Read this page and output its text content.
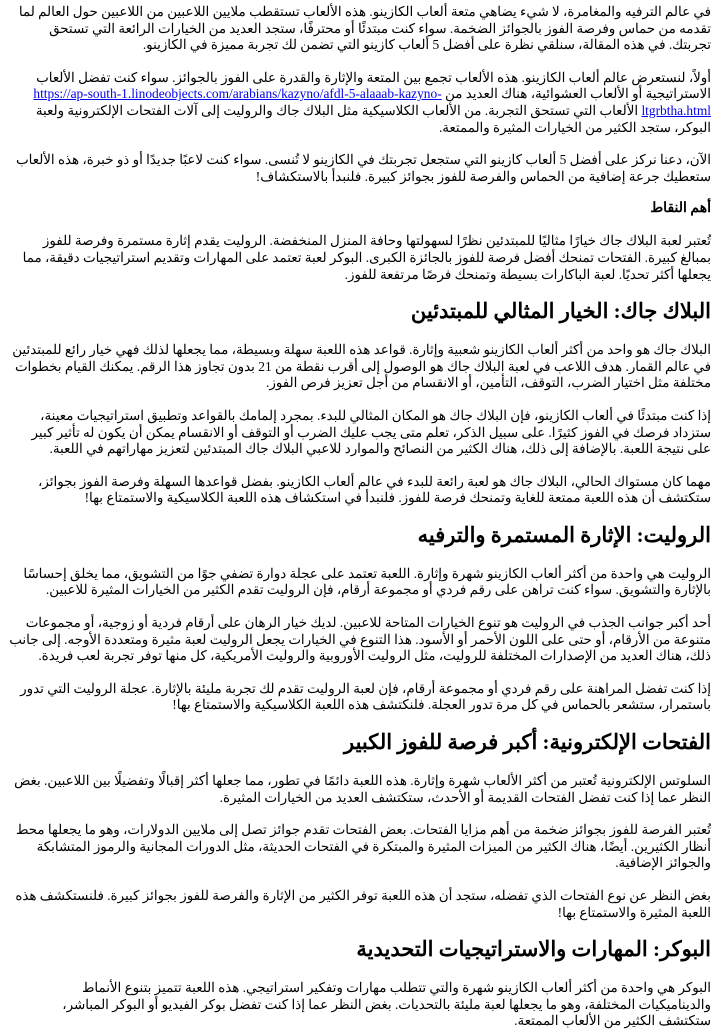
في عالم الترفيه والمغامرة، لا شيء يضاهي متعة ألعاب الكازينو. هذه الألعاب تستقطب ملايين اللاعبين من اللاعبين حول العالم لما تقدمه من حماس وفرصة الفوز بالجوائز الضخمة. سواء كنت مبتدئًا أو محترفًا، ستجد العديد من الخيارات الرائعة التي تستحق تجربتك. في هذه المقالة، سنلقي نظرة على أفضل 5 ألعاب كازينو التي تضمن لك تجربة مميزة في الكازينو.

أولاً، لنستعرض عالم ألعاب الكازينو. هذه الألعاب تجمع بين المتعة والإثارة والقدرة على الفوز بالجوائز. سواء كنت تفضل الألعاب الاستراتيجية أو الألعاب العشوائية، هناك العديد من https://ap-south-1.linodeobjects.com/arabians/kazyno/afdl-5-alaaab-kazyno-ltgrbtha.html الألعاب التي تستحق التجربة. من الألعاب الكلاسيكية مثل البلاك جاك والروليت إلى آلات الفتحات الإلكترونية ولعبة البوكر، ستجد الكثير من الخيارات المثيرة والممتعة.

الآن، دعنا نركز على أفضل 5 ألعاب كازينو التي ستجعل تجربتك في الكازينو لا تُنسى. سواء كنت لاعبًا جديدًا أو ذو خبرة، هذه الألعاب ستعطيك جرعة إضافية من الحماس والفرصة للفوز بجوائز كبيرة. فلنبدأ بالاستكشاف!

أهم النقاط

تُعتبر لعبة البلاك جاك خيارًا مثاليًا للمبتدئين نظرًا لسهولتها وحافة المنزل المنخفضة. الروليت يقدم إثارة مستمرة وفرصة للفوز بمبالغ كبيرة. الفتحات تمنحك أفضل فرصة للفوز بالجائزة الكبرى. البوكر لعبة تعتمد على المهارات وتقديم استراتيجيات دقيقة، مما يجعلها أكثر تحديًا. لعبة الباكارات بسيطة وتمنحك فرصًا مرتفعة للفوز.

البلاك جاك: الخيار المثالي للمبتدئين

البلاك جاك هو واحد من أكثر ألعاب الكازينو شعبية وإثارة. قواعد هذه اللعبة سهلة وبسيطة، مما يجعلها لذلك فهي خيار رائع للمبتدئين في عالم القمار. هدف اللاعب في لعبة البلاك جاك هو الوصول إلى أقرب نقطة من 21 بدون تجاوز هذا الرقم. يمكنك القيام بخطوات مختلفة مثل اختيار الضرب، التوقف، التأمين، أو الانقسام من أجل تعزيز فرص الفوز.

إذا كنت مبتدئًا في ألعاب الكازينو، فإن البلاك جاك هو المكان المثالي للبدء. بمجرد إلمامك بالقواعد وتطبيق استراتيجيات معينة، ستزداد فرصك في الفوز كثيرًا. على سبيل الذكر، تعلم متى يجب عليك الضرب أو التوقف أو الانقسام يمكن أن يكون له تأثير كبير على نتيجة اللعبة. بالإضافة إلى ذلك، هناك الكثير من النصائح والموارد للاعبي البلاك جاك المبتدئين لتعزيز مهاراتهم في اللعبة.

مهما كان مستواك الحالي، البلاك جاك هو لعبة رائعة للبدء في عالم ألعاب الكازينو. بفضل قواعدها السهلة وفرصة الفوز بجوائز، ستكتشف أن هذه اللعبة ممتعة للغاية وتمنحك فرصة للفوز. فلنبدأ في استكشاف هذه اللعبة الكلاسيكية والاستمتاع بها!

الروليت: الإثارة المستمرة والترفيه

الروليت هي واحدة من أكثر ألعاب الكازينو شهرة وإثارة. اللعبة تعتمد على عجلة دوارة تضفي جوًا من التشويق، مما يخلق إحساسًا بالإثارة والتشويق. سواء كنت تراهن على رقم فردي أو مجموعة أرقام، فإن الروليت تقدم الكثير من الخيارات المثيرة للاعبين.

أحد أكبر جوانب الجذب في الروليت هو تنوع الخيارات المتاحة للاعبين. لديك خيار الرهان على أرقام فردية أو زوجية، أو مجموعات متنوعة من الأرقام، أو حتى على اللون الأحمر أو الأسود. هذا التنوع في الخيارات يجعل الروليت لعبة مثيرة ومتعددة الأوجه. إلى جانب ذلك، هناك العديد من الإصدارات المختلفة للروليت، مثل الروليت الأوروبية والروليت الأمريكية، كل منها توفر تجربة لعب فريدة.

إذا كنت تفضل المراهنة على رقم فردي أو مجموعة أرقام، فإن لعبة الروليت تقدم لك تجربة مليئة بالإثارة. عجلة الروليت التي تدور باستمرار، ستشعر بالحماس في كل مرة تدور العجلة. فلنكتشف هذه اللعبة الكلاسيكية والاستمتاع بها!

الفتحات الإلكترونية: أكبر فرصة للفوز الكبير

السلوتس الإلكترونية تُعتبر من أكثر الألعاب شهرة وإثارة. هذه اللعبة دائمًا في تطور، مما جعلها أكثر إقبالًا وتفضيلًا بين اللاعبين. بغض النظر عما إذا كنت تفضل الفتحات القديمة أو الأحدث، ستكتشف العديد من الخيارات المثيرة.

تُعتبر الفرصة للفوز بجوائز ضخمة من أهم مزايا الفتحات. بعض الفتحات تقدم جوائز تصل إلى ملايين الدولارات، وهو ما يجعلها محط أنظار الكثيرين. أيضًا، هناك الكثير من الميزات المثيرة والمبتكرة في الفتحات الحديثة، مثل الدورات المجانية والرموز المتشابكة والجوائز الإضافية.

بغض النظر عن نوع الفتحات الذي تفضله، ستجد أن هذه اللعبة توفر الكثير من الإثارة والفرصة للفوز بجوائز كبيرة. فلنستكشف هذه اللعبة المثيرة والاستمتاع بها!

البوكر: المهارات والاستراتيجيات التحديدية

البوكر هي واحدة من أكثر ألعاب الكازينو شهرة والتي تتطلب مهارات وتفكير استراتيجي. هذه اللعبة تتميز بتنوع الأنماط والديناميكيات المختلفة، وهو ما يجعلها لعبة مليئة بالتحديات. بغض النظر عما إذا كنت تفضل بوكر الفيديو أو البوكر المباشر، ستكتشف الكثير من الألعاب الممتعة.
